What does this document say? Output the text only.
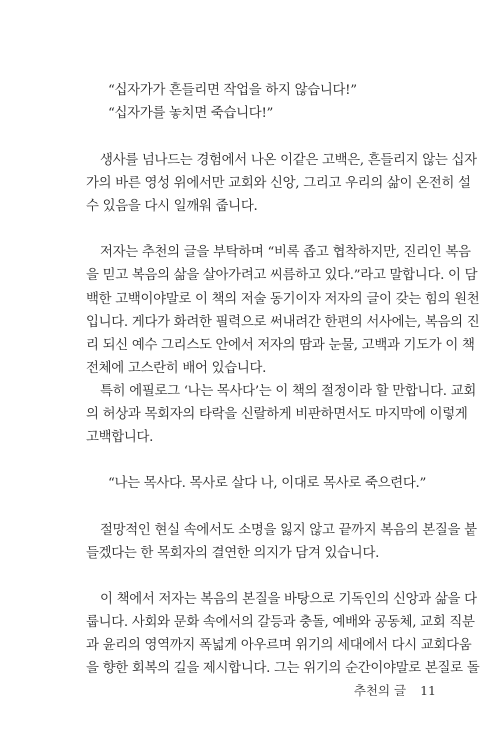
“십자가가 흔들리면 작업을 하지 않습니다!”
“십자가를 놓치면 죽습니다!”
생사를 넘나드는 경험에서 나온 이같은 고백은, 흔들리지 않는 십자
가의 바른 영성 위에서만 교회와 신앙, 그리고 우리의 삶이 온전히 설
수 있음을 다시 일깨워 줍니다.
저자는 추천의 글을 부탁하며 “비록 좁고 협착하지만, 진리인 복음
을 믿고 복음의 삶을 살아가려고 씨름하고 있다.”라고 말합니다. 이 담
백한 고백이야말로 이 책의 저술 동기이자 저자의 글이 갖는 힘의 원천
입니다. 게다가 화려한 필력으로 써내려간 한편의 서사에는, 복음의 진
리 되신 예수 그리스도 안에서 저자의 땀과 눈물, 고백과 기도가 이 책
전체에 고스란히 배어 있습니다.
특히 에필로그 ‘나는 목사다’는 이 책의 절정이라 할 만합니다. 교회
의 허상과 목회자의 타락을 신랄하게 비판하면서도 마지막에 이렇게
고백합니다.
“나는 목사다. 목사로 살다 나, 이대로 목사로 죽으련다.”
절망적인 현실 속에서도 소명을 잃지 않고 끝까지 복음의 본질을 붙
들겠다는 한 목회자의 결연한 의지가 담겨 있습니다.
이 책에서 저자는 복음의 본질을 바탕으로 기독인의 신앙과 삶을 다
룹니다. 사회와 문화 속에서의 갈등과 충돌, 예배와 공동체, 교회 직분
과 윤리의 영역까지 폭넓게 아우르며 위기의 세대에서 다시 교회다움
을 향한 회복의 길을 제시합니다. 그는 위기의 순간이야말로 본질로 돌
추천의 글 11
